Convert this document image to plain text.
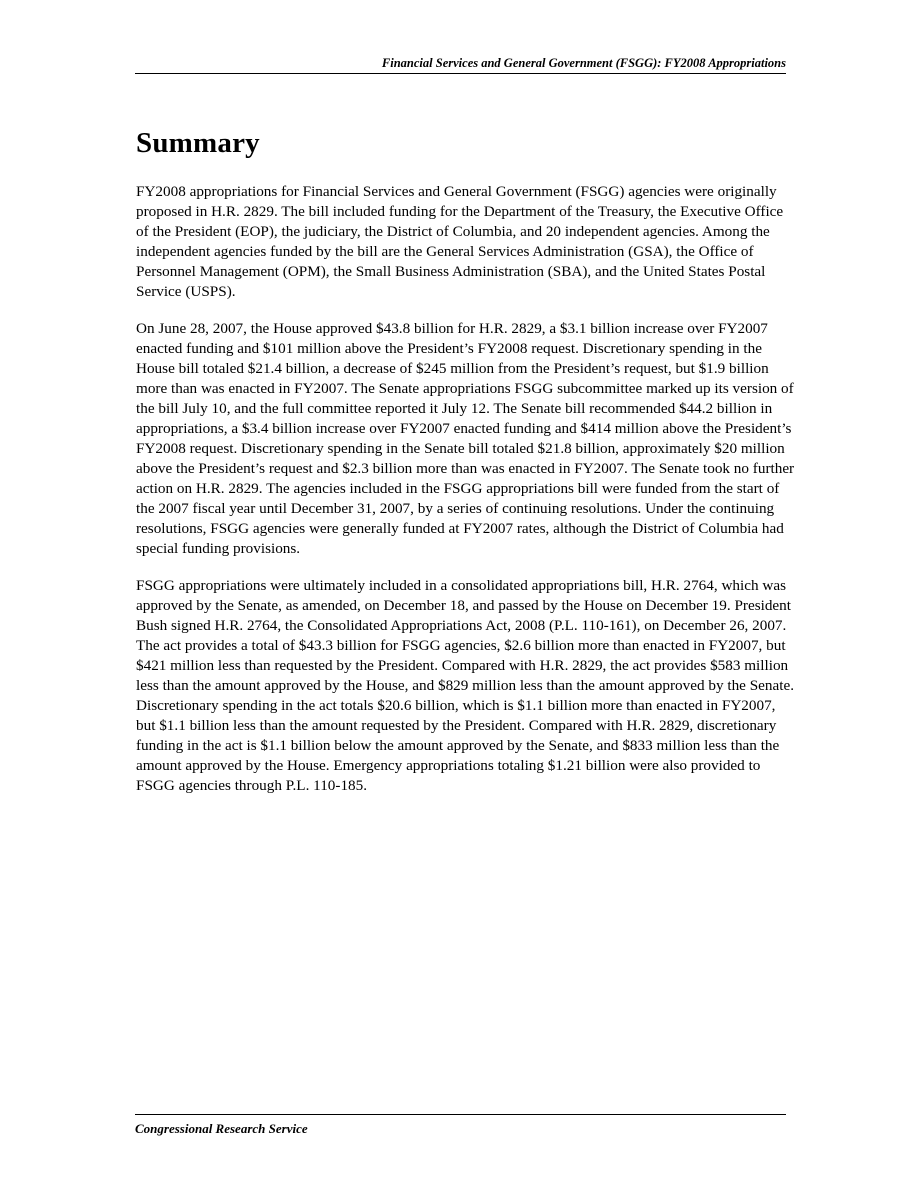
Financial Services and General Government (FSGG): FY2008 Appropriations
Summary

FY2008 appropriations for Financial Services and General Government (FSGG) agencies were originally proposed in H.R. 2829. The bill included funding for the Department of the Treasury, the Executive Office of the President (EOP), the judiciary, the District of Columbia, and 20 independent agencies. Among the independent agencies funded by the bill are the General Services Administration (GSA), the Office of Personnel Management (OPM), the Small Business Administration (SBA), and the United States Postal Service (USPS).

On June 28, 2007, the House approved $43.8 billion for H.R. 2829, a $3.1 billion increase over FY2007 enacted funding and $101 million above the President’s FY2008 request. Discretionary spending in the House bill totaled $21.4 billion, a decrease of $245 million from the President’s request, but $1.9 billion more than was enacted in FY2007. The Senate appropriations FSGG subcommittee marked up its version of the bill July 10, and the full committee reported it July 12. The Senate bill recommended $44.2 billion in appropriations, a $3.4 billion increase over FY2007 enacted funding and $414 million above the President’s FY2008 request. Discretionary spending in the Senate bill totaled $21.8 billion, approximately $20 million above the President’s request and $2.3 billion more than was enacted in FY2007. The Senate took no further action on H.R. 2829. The agencies included in the FSGG appropriations bill were funded from the start of the 2007 fiscal year until December 31, 2007, by a series of continuing resolutions. Under the continuing resolutions, FSGG agencies were generally funded at FY2007 rates, although the District of Columbia had special funding provisions.

FSGG appropriations were ultimately included in a consolidated appropriations bill, H.R. 2764, which was approved by the Senate, as amended, on December 18, and passed by the House on December 19. President Bush signed H.R. 2764, the Consolidated Appropriations Act, 2008 (P.L. 110-161), on December 26, 2007. The act provides a total of $43.3 billion for FSGG agencies, $2.6 billion more than enacted in FY2007, but $421 million less than requested by the President. Compared with H.R. 2829, the act provides $583 million less than the amount approved by the House, and $829 million less than the amount approved by the Senate. Discretionary spending in the act totals $20.6 billion, which is $1.1 billion more than enacted in FY2007, but $1.1 billion less than the amount requested by the President. Compared with H.R. 2829, discretionary funding in the act is $1.1 billion below the amount approved by the Senate, and $833 million less than the amount approved by the House. Emergency appropriations totaling $1.21 billion were also provided to FSGG agencies through P.L. 110-185.

Congressional Research Service
